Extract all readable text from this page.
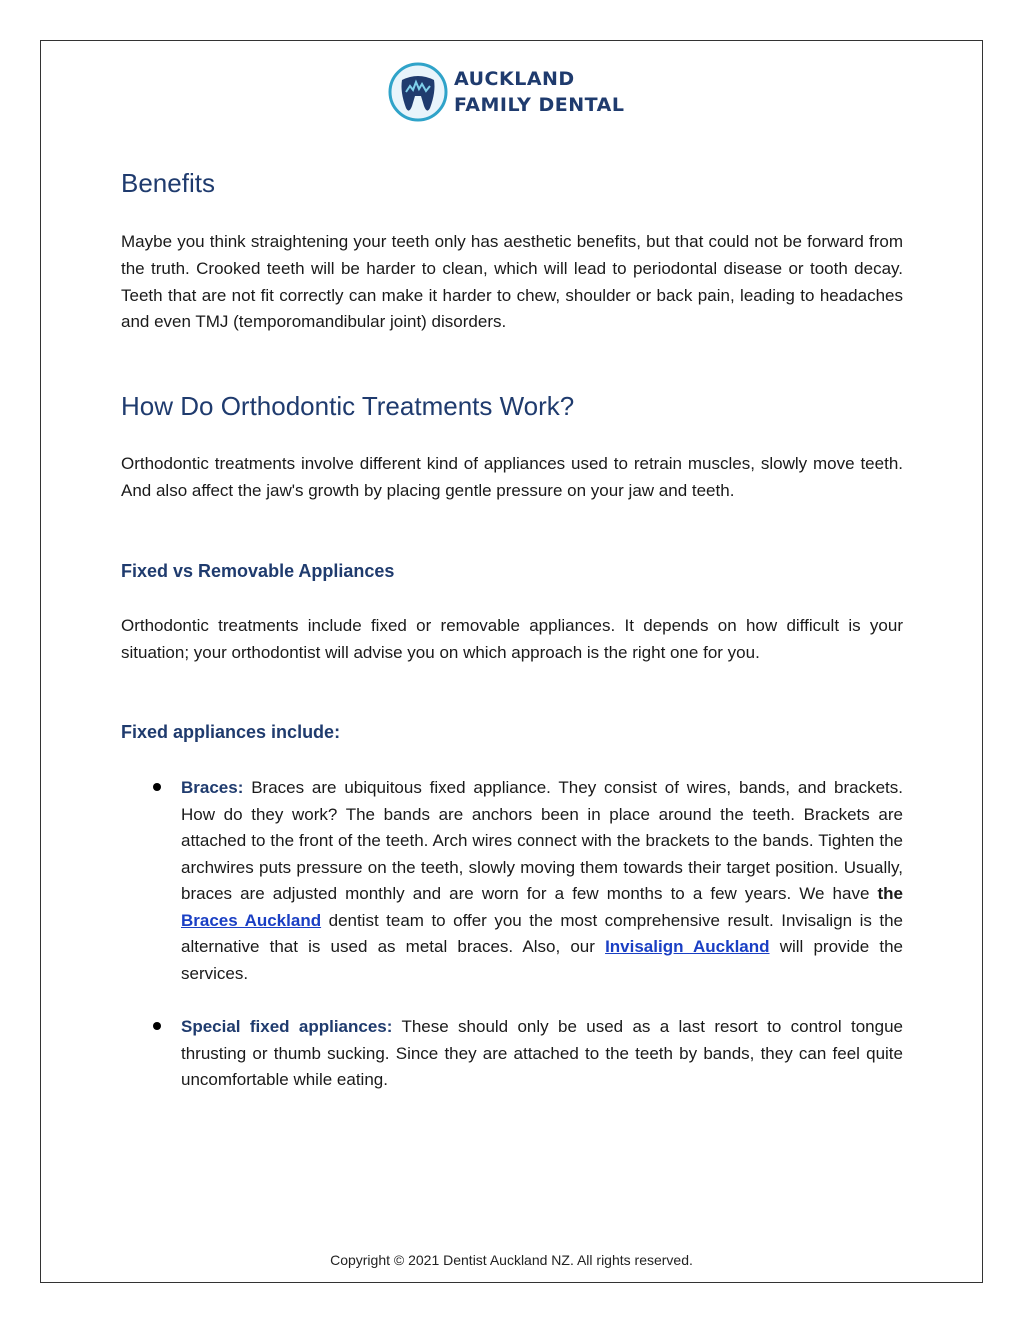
AUCKLAND
FAMILY DENTAL
Benefits

Maybe you think straightening your teeth only has aesthetic benefits, but that could not be forward from the truth. Crooked teeth will be harder to clean, which will lead to periodontal disease or tooth decay. Teeth that are not fit correctly can make it harder to chew, shoulder or back pain, leading to headaches and even TMJ (temporomandibular joint) disorders.

How Do Orthodontic Treatments Work?

Orthodontic treatments involve different kind of appliances used to retrain muscles, slowly move teeth. And also affect the jaw's growth by placing gentle pressure on your jaw and teeth.

Fixed vs Removable Appliances

Orthodontic treatments include fixed or removable appliances. It depends on how difficult is your situation; your orthodontist will advise you on which approach is the right one for you.

Fixed appliances include:
Braces: Braces are ubiquitous fixed appliance. They consist of wires, bands, and brackets. How do they work? The bands are anchors been in place around the teeth. Brackets are attached to the front of the teeth. Arch wires connect with the brackets to the bands. Tighten the archwires puts pressure on the teeth, slowly moving them towards their target position. Usually, braces are adjusted monthly and are worn for a few months to a few years. We have the Braces Auckland dentist team to offer you the most comprehensive result. Invisalign is the alternative that is used as metal braces. Also, our Invisalign Auckland will provide the services.
Special fixed appliances: These should only be used as a last resort to control tongue thrusting or thumb sucking. Since they are attached to the teeth by bands, they can feel quite uncomfortable while eating.
Copyright © 2021 Dentist Auckland NZ. All rights reserved.
